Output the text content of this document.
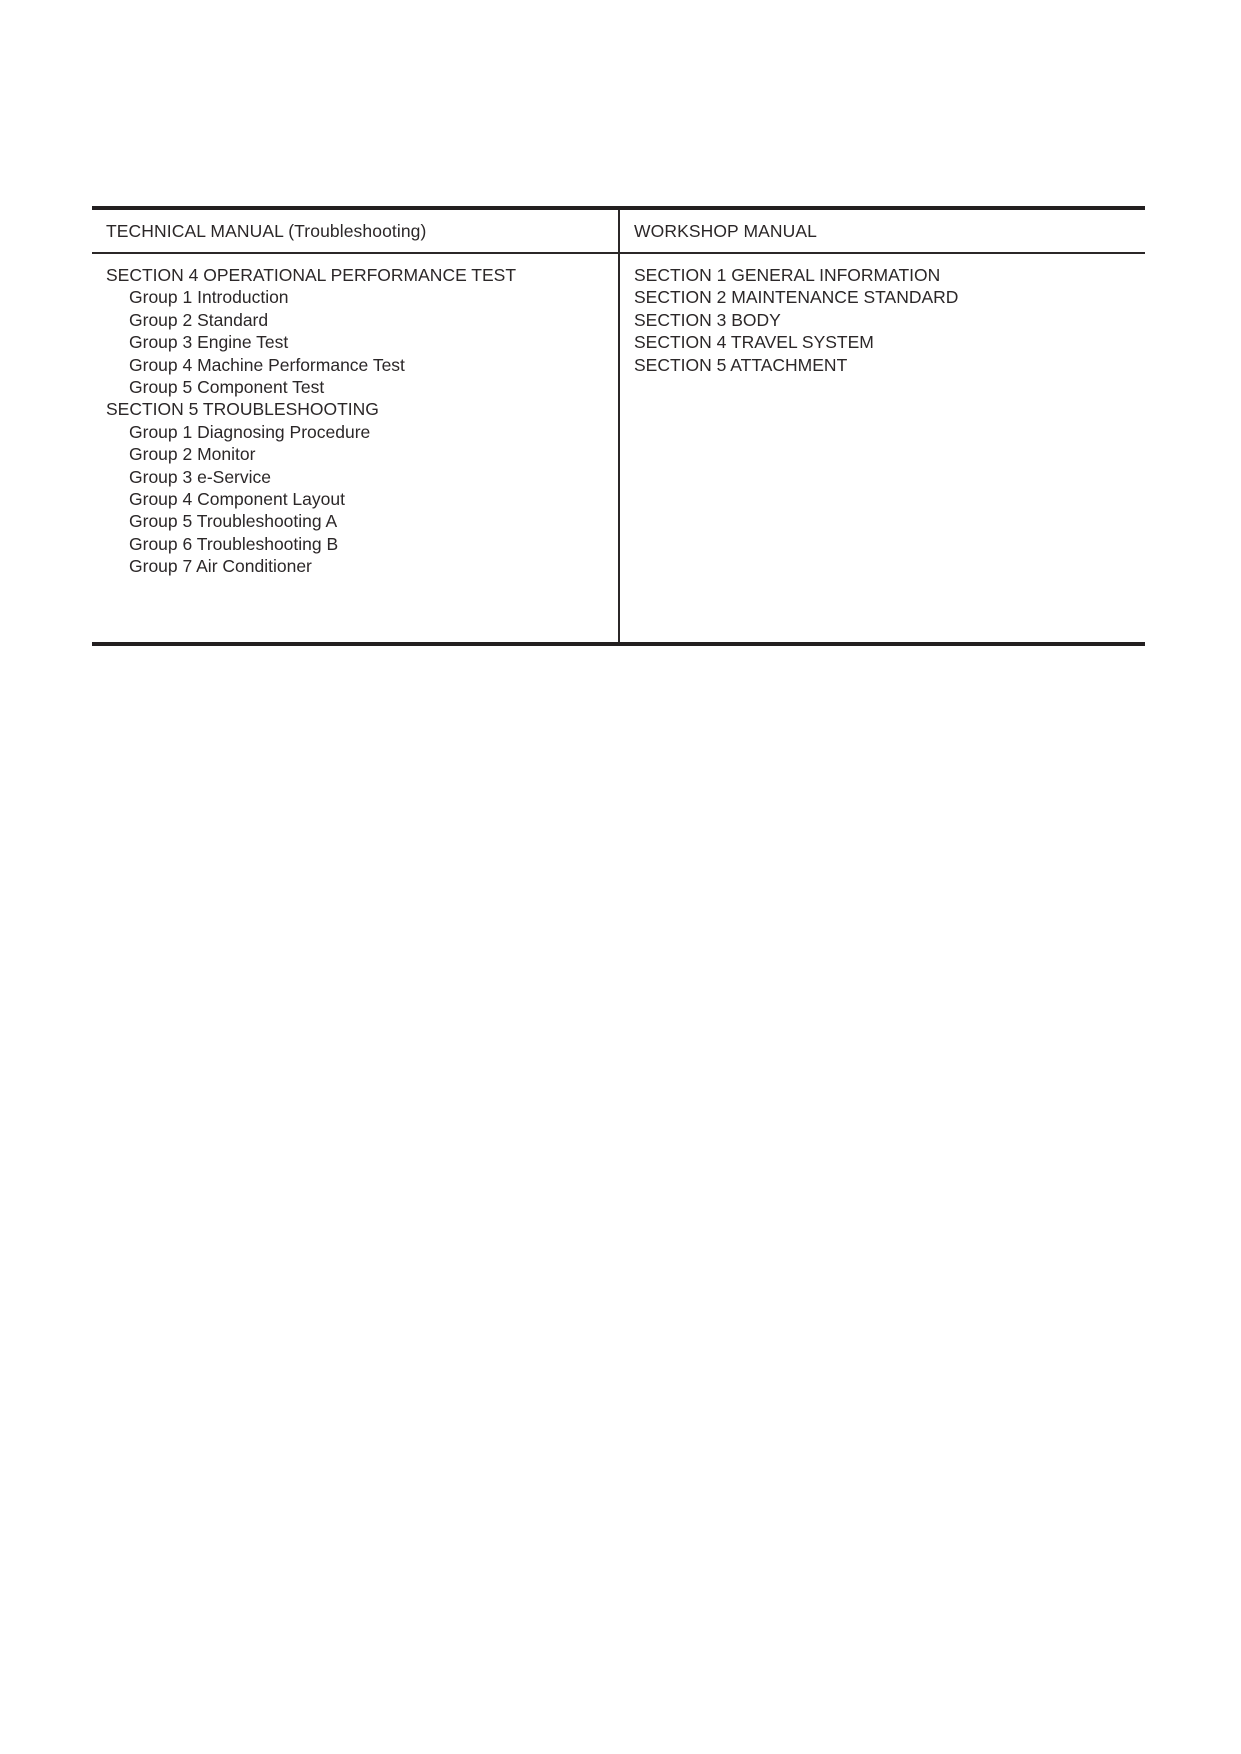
TECHNICAL MANUAL (Troubleshooting)	WORKSHOP MANUAL
SECTION 4 OPERATIONAL PERFORMANCE TEST
Group 1 Introduction
Group 2 Standard
Group 3 Engine Test
Group 4 Machine Performance Test
Group 5 Component Test
SECTION 5 TROUBLESHOOTING
Group 1 Diagnosing Procedure
Group 2 Monitor
Group 3 e-Service
Group 4 Component Layout
Group 5 Troubleshooting A
Group 6 Troubleshooting B
Group 7 Air Conditioner
SECTION 1 GENERAL INFORMATION
SECTION 2 MAINTENANCE STANDARD
SECTION 3 BODY
SECTION 4 TRAVEL SYSTEM
SECTION 5 ATTACHMENT
